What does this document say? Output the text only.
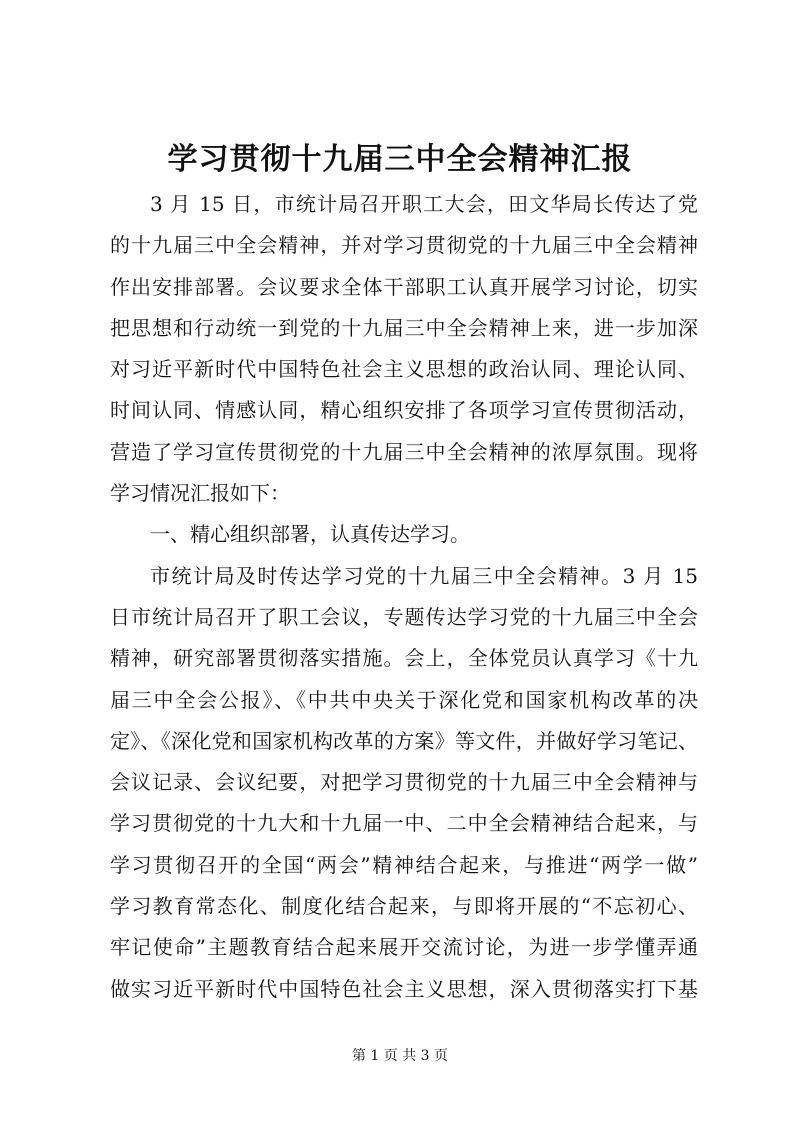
学习贯彻十九届三中全会精神汇报
3 月 15 日，市统计局召开职工大会，田文华局长传达了党
的十九届三中全会精神，并对学习贯彻党的十九届三中全会精神
作出安排部署。会议要求全体干部职工认真开展学习讨论，切实
把思想和行动统一到党的十九届三中全会精神上来，进一步加深
对习近平新时代中国特色社会主义思想的政治认同、理论认同、
时间认同、情感认同，精心组织安排了各项学习宣传贯彻活动，
营造了学习宣传贯彻党的十九届三中全会精神的浓厚氛围。现将
学习情况汇报如下：
一、精心组织部署，认真传达学习。
市统计局及时传达学习党的十九届三中全会精神。3 月 15
日市统计局召开了职工会议，专题传达学习党的十九届三中全会
精神，研究部署贯彻落实措施。会上，全体党员认真学习《十九
届三中全会公报》、《中共中央关于深化党和国家机构改革的决
定》、《深化党和国家机构改革的方案》等文件，并做好学习笔记、
会议记录、会议纪要，对把学习贯彻党的十九届三中全会精神与
学习贯彻党的十九大和十九届一中、二中全会精神结合起来，与
学习贯彻召开的全国“两会”精神结合起来，与推进“两学一做”
学习教育常态化、制度化结合起来，与即将开展的“不忘初心、
牢记使命”主题教育结合起来展开交流讨论，为进一步学懂弄通
做实习近平新时代中国特色社会主义思想，深入贯彻落实打下基
第 1 页 共 3 页
